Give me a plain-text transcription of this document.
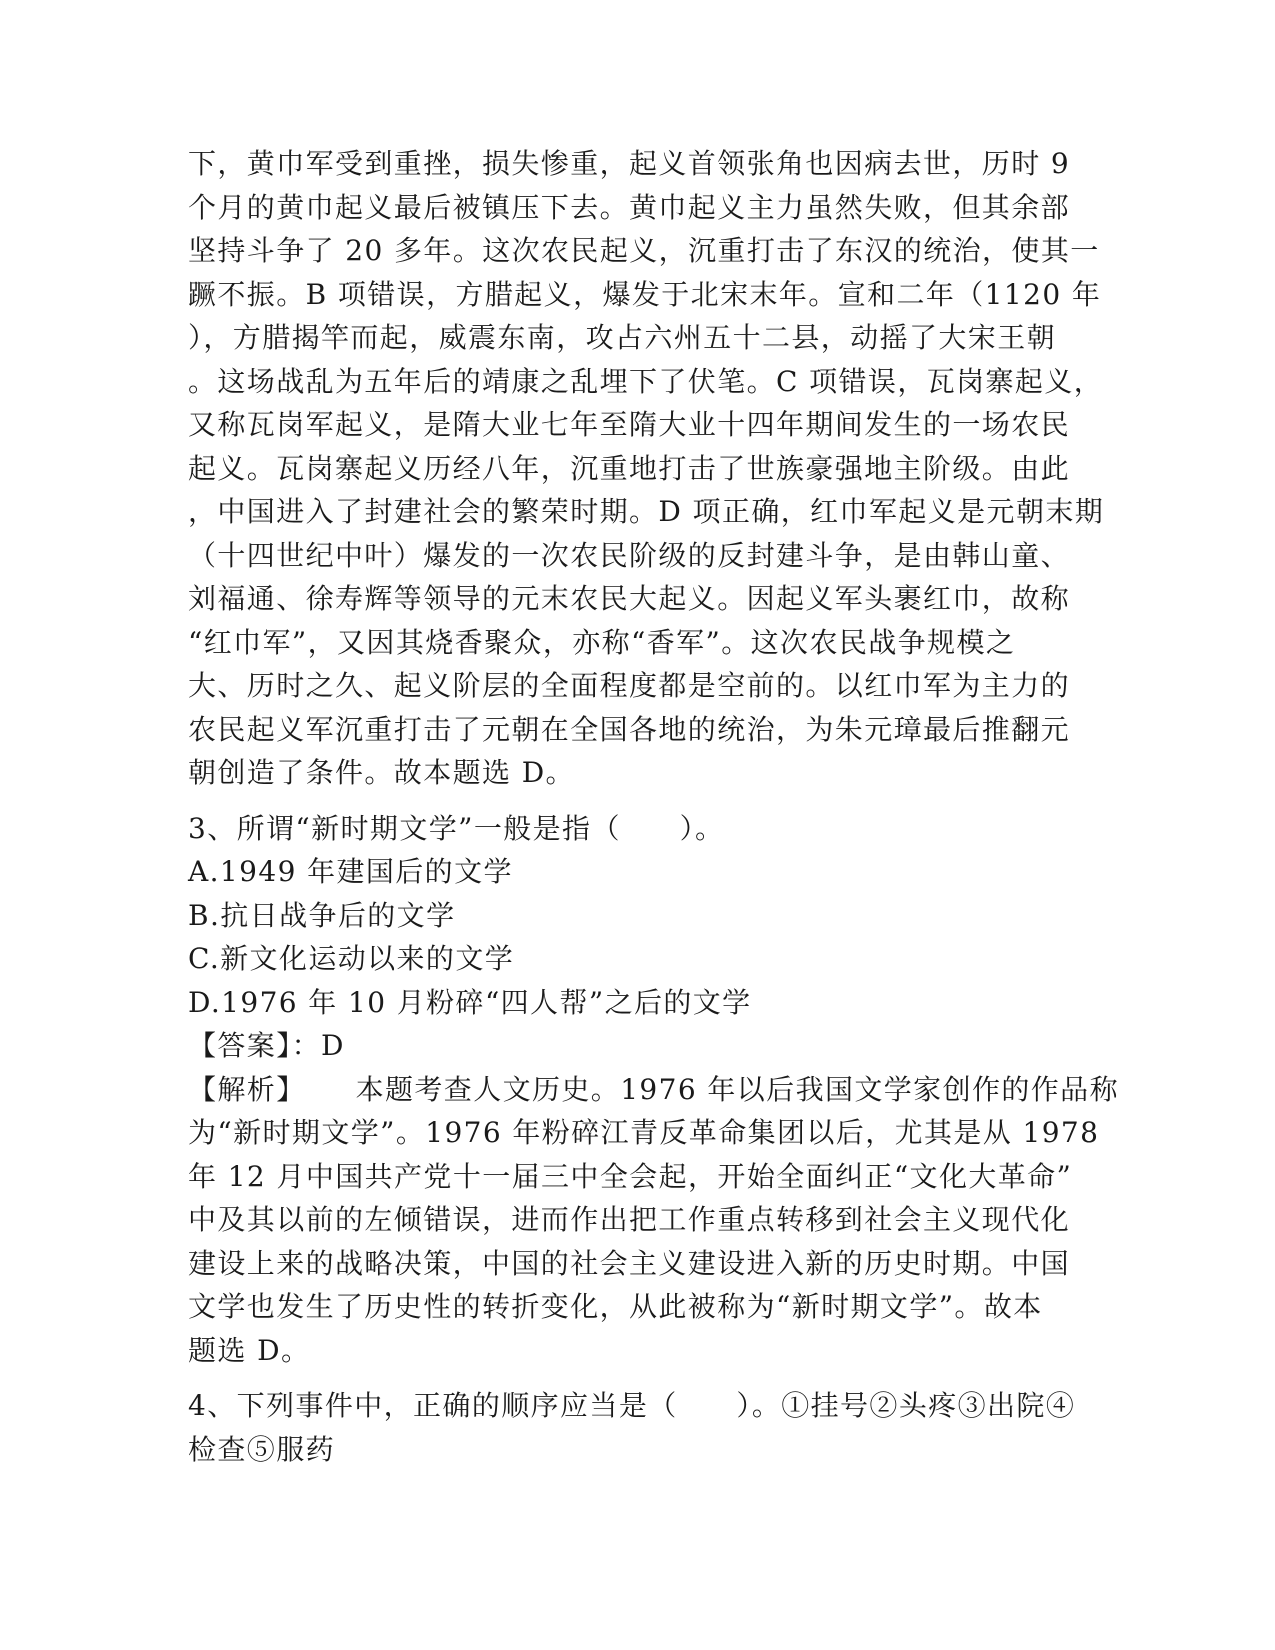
下，黄巾军受到重挫，损失惨重，起义首领张角也因病去世，历时 9
个月的黄巾起义最后被镇压下去。黄巾起义主力虽然失败，但其余部
坚持斗争了 20 多年。这次农民起义，沉重打击了东汉的统治，使其一
蹶不振。B 项错误，方腊起义，爆发于北宋末年。宣和二年（1120 年
），方腊揭竿而起，威震东南，攻占六州五十二县，动摇了大宋王朝
。这场战乱为五年后的靖康之乱埋下了伏笔。C 项错误，瓦岗寨起义，
又称瓦岗军起义，是隋大业七年至隋大业十四年期间发生的一场农民
起义。瓦岗寨起义历经八年，沉重地打击了世族豪强地主阶级。由此
，中国进入了封建社会的繁荣时期。D 项正确，红巾军起义是元朝末期
（十四世纪中叶）爆发的一次农民阶级的反封建斗争，是由韩山童、
刘福通、徐寿辉等领导的元末农民大起义。因起义军头裹红巾，故称
“红巾军”，又因其烧香聚众，亦称“香军”。这次农民战争规模之
大、历时之久、起义阶层的全面程度都是空前的。以红巾军为主力的
农民起义军沉重打击了元朝在全国各地的统治，为朱元璋最后推翻元
朝创造了条件。故本题选 D。
3、所谓“新时期文学”一般是指（　　）。
A.1949 年建国后的文学
B.抗日战争后的文学
C.新文化运动以来的文学
D.1976 年 10 月粉碎“四人帮”之后的文学
【答案】：D
【解析】 本题考查人文历史。1976 年以后我国文学家创作的作品称
为“新时期文学”。1976 年粉碎江青反革命集团以后，尤其是从 1978
年 12 月中国共产党十一届三中全会起，开始全面纠正“文化大革命”
中及其以前的左倾错误，进而作出把工作重点转移到社会主义现代化
建设上来的战略决策，中国的社会主义建设进入新的历史时期。中国
文学也发生了历史性的转折变化，从此被称为“新时期文学”。故本
题选 D。
4、下列事件中，正确的顺序应当是（　　）。①挂号②头疼③出院④
检查⑤服药
